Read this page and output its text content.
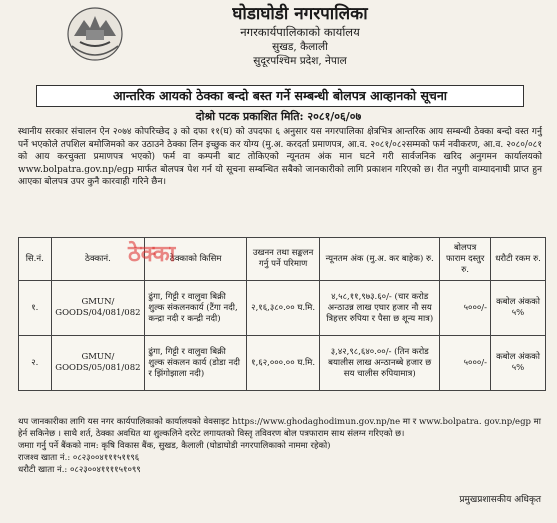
घोडाघोडी नगरपालिका
नगरकार्यपालिकाको कार्यालय
सुखड, कैलाली
सुदूरपश्चिम प्रदेश, नेपाल
आन्तरिक आयको ठेक्का बन्दो बस्त गर्ने सम्बन्धी बोलपत्र आव्हानको सूचना
दोश्रो पटक प्रकाशित मिति: २०८१/०६/०७
स्थानीय सरकार संचालन ऐन २०७४ कोपरिच्छेद ३ को दफा ११(घ) को उपदफा ६ अनुसार यस नगरपालिका क्षेत्रभित्र आन्तरिक आय सम्बन्धी ठेक्का बन्दो वस्त गर्नु पर्ने भएकोले तपशिल बमोजिमको कर उठाउने ठेक्का लिन इच्छुक कर योग्य (मु.अ. करदर्ता प्रमाणपत्र, आ.व. २०८१/०८२सम्मको फर्म नवीकरण, आ.व. २०८०/०८१ को आय करचुक्ता प्रमाणपत्र भएको) फर्म वा कम्पनी बाट तोकिएको न्यूनतम अंक मान घटने गरी सार्वजनिक खरिद अनुगमन कार्यालयको www.bolpatra.gov.np/egp मार्फत बोलपत्र पेश गर्न यो सूचना सम्बन्धित सबैको जानकारीको लागि प्रकाशन गरिएको छ। रीत नपुगी वाम्यादनाघी प्राप्त हुन आएका बोलपत्र उपर कुनै कारवाही गरिने छैन।
सि.नं.	ठेक्कानं.	ठेक्काको किसिम	उखनन तथा सङ्कलन गर्नु पर्ने परिमाण	न्यूनतम अंक (मु.अ. कर बाहेक) रु.	बोलपत्र फाराम दस्तुर रु.	धरौटी रकम रु.
१.	GMUN/ GOODS/04/081/082	ढुंगा, गिट्टी र वालुवा बिक्री शुल्क संकलनकार्य (टैंगा नदी, कन्द्रा नदी र कन्द्री नदी)	२,१६,३८०.०० घ.मि.	४,५८,११,९७३.६०/- (चार करोड अन्ठाउन्न लाख एघार हजार नौ सय त्रिहत्तर रुपिया र पैसा छ शून्य मात्र)	५०००/-	कबोल अंकको ५%
२.	GMUN/ GOODS/05/081/082	ढुंगा, गिट्टी र वालुवा बिक्री शुल्क संकलन कार्य (डोडा नदी र झिंगोझाला नदी)	१,६२,०००.०० घ.मि.	३,४२,९८,६४०.००/- (तिन करोड बयालीस लाख अन्ठानब्बे हजार छ सय चालीस रुपियामात्र)	५०००/-	कबोल अंकको ५%
ठेक्का
थप जानकारीका लागि यस नगर कार्यपालिकाको कार्यालयको वेवसाइट https://www.ghodaghodimun.gov.np/ne मा र www.bolpatra. gov.np/egp मा हेर्न सकिनेछ । साथै शर्त, ठेक्का अवधित था शुल्कलिने दररेट लगायतको विस्तृ तविवरण बोल पत्रफाराम साथ संलग्न गरिएको छ।
जमाा गर्नु पर्ने बैंकको नाम: कृषि विकास बैंक, सुखड, कैलाली (घोडाघोडी नगरपालिकाको नाममा रहेको)
राजश्व खाता नं.: ०८२३००४१११५११९६
धरौटी खाता नं.: ०८२३००४११११५१०९९
प्रमुखप्रशासकीय अधिकृत
